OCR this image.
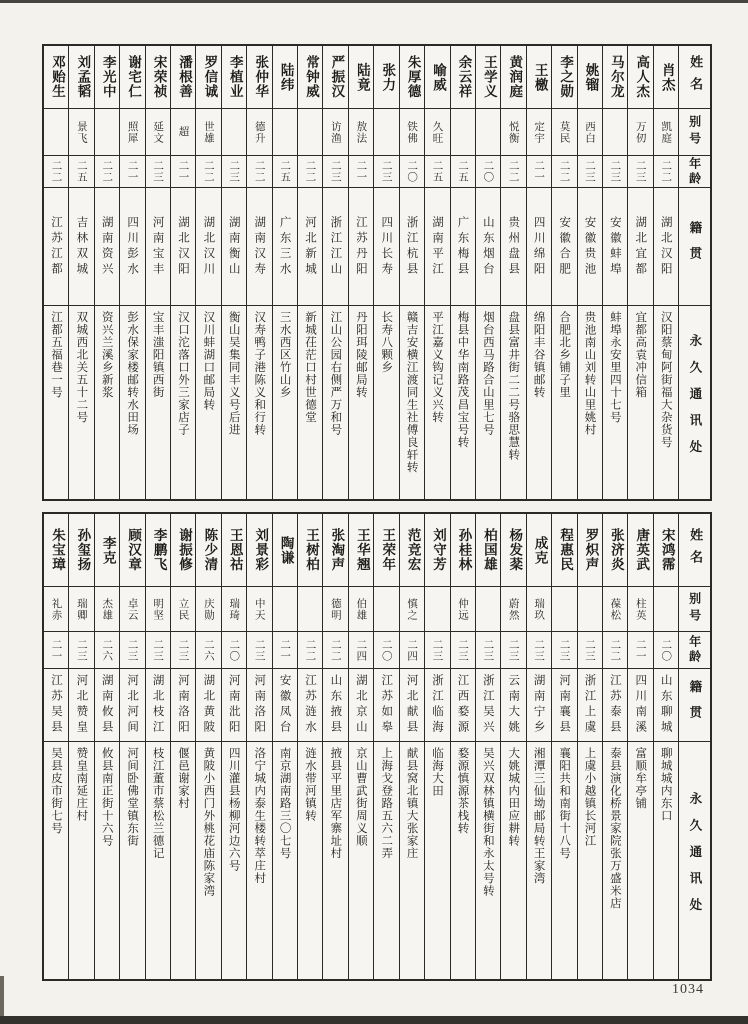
邓贻生
二二
江苏江都
江都五福巷一号
刘孟韬
景飞
二五
吉林双城
双城西北关五十二号
李光中
二二
湖南资兴
资兴兰溪乡新浆
谢宅仁
照犀
二一
四川彭水
彭水保家楼邮转水田场
宋荣祯
延文
二三
河南宝丰
宝丰滍阳镇西街
潘根善
超
二一
湖北汉阳
汉口沱落口外三家店子
罗信诚
世雄
二二
湖北汉川
汉川蚌湖口邮局转
李植业
二三
湖南衡山
衡山吴集同丰义号后进
张仲华
德升
二二
湖南汉寿
汉寿鸭子港陈义和行转
陆纬
二五
广东三水
三水西区竹山乡
常钟威
二二
河北新城
新城茌茫口村世德堂
严振汉
访渔
二三
浙江江山
江山公园右侧严万和号
陆竟
敖法
二一
江苏丹阳
丹阳珥陵邮局转
张力
二三
四川长寿
长寿八颗乡
朱厚德
铁佛
二〇
浙江杭县
赣吉安横江渡同生社傅良轩转
喻威
久旺
二五
湖南平江
平江嘉义钩记义兴转
余云祥
二五
广东梅县
梅县中华南路茂昌宝号转
王学义
二〇
山东烟台
烟台西马路合山里七号
黄润庭
悦衡
二二
贵州盘县
盘县富井街二二号骆思慧转
王檄
定宇
二一
四川绵阳
绵阳丰谷镇邮转
李之勋
莫民
二二
安徽合肥
合肥北乡铺子里
姚镏
西白
二三
安徽贵池
贵池南山刘转山里姚村
马尔龙
二三
安徽蚌埠
蚌埠永安里四十七号
高人杰
万仞
二三
湖北宜都
宜都高袁冲信箱
肖杰
凯庭
二二
湖北汉阳
汉阳蔡甸阿街福大杂货号
姓名
别号
年龄
籍贯
永久通讯处
朱宝璋
礼赤
二一
江苏吴县
吴县皮市街七号
孙玺扬
瑞卿
二三
河北赞皇
赞皇南延庄村
李克
杰雄
二六
湖南攸县
攸县南正街十六号
顾汉章
卓云
二三
河北河间
河间卧佛堂镇东街
李鹏飞
明坚
二三
湖北枝江
枝江董市蔡松兰德记
谢振修
立民
二三
河南洛阳
偃邑谢家村
陈少清
庆勋
二六
湖北黄陂
黄陂小西门外桃花庙陈家湾
王恩祜
瑞琦
二〇
河南沘阳
四川灌县杨柳河边六号
刘景彩
中天
二三
河南洛阳
洛宁城内泰生楼转萃庄村
陶谦
二一
安徽凤台
南京湖南路三〇七号
王树柏
二二
江苏涟水
涟水带河镇转
张淘声
德明
二二
山东掖县
掖县平里店军寨址村
王华翘
伯雄
二四
湖北京山
京山曹武街周义顺
王荣年
二〇
江苏如皋
上海戈登路五六二弄
范竞宏
慎之
二四
河北献县
献县窝北镇大张家庄
刘守芳
二三
浙江临海
临海大田
孙桂林
仲远
二三
江西婺源
婺源慎源茶栈转
柏国雄
二三
浙江吴兴
吴兴双林镇横街和永太号转
杨发棻
蔚然
二三
云南大姚
大姚城内田应耕转
成克
瑞玖
二三
湖南宁乡
湘潭三仙坳邮局转王家湾
程惠民
二三
河南襄县
襄阳共和南街十八号
罗炽声
二三
浙江上虞
上虞小越镇长河江
张济炎
葆松
二二
江苏泰县
泰县演化桥景家院张万盛米店
唐英武
柱英
二一
四川南溪
富顺牟亭铺
宋鸿霈
二〇
山东聊城
聊城城内东口
姓名
别号
年龄
籍贯
永久通讯处
1034
